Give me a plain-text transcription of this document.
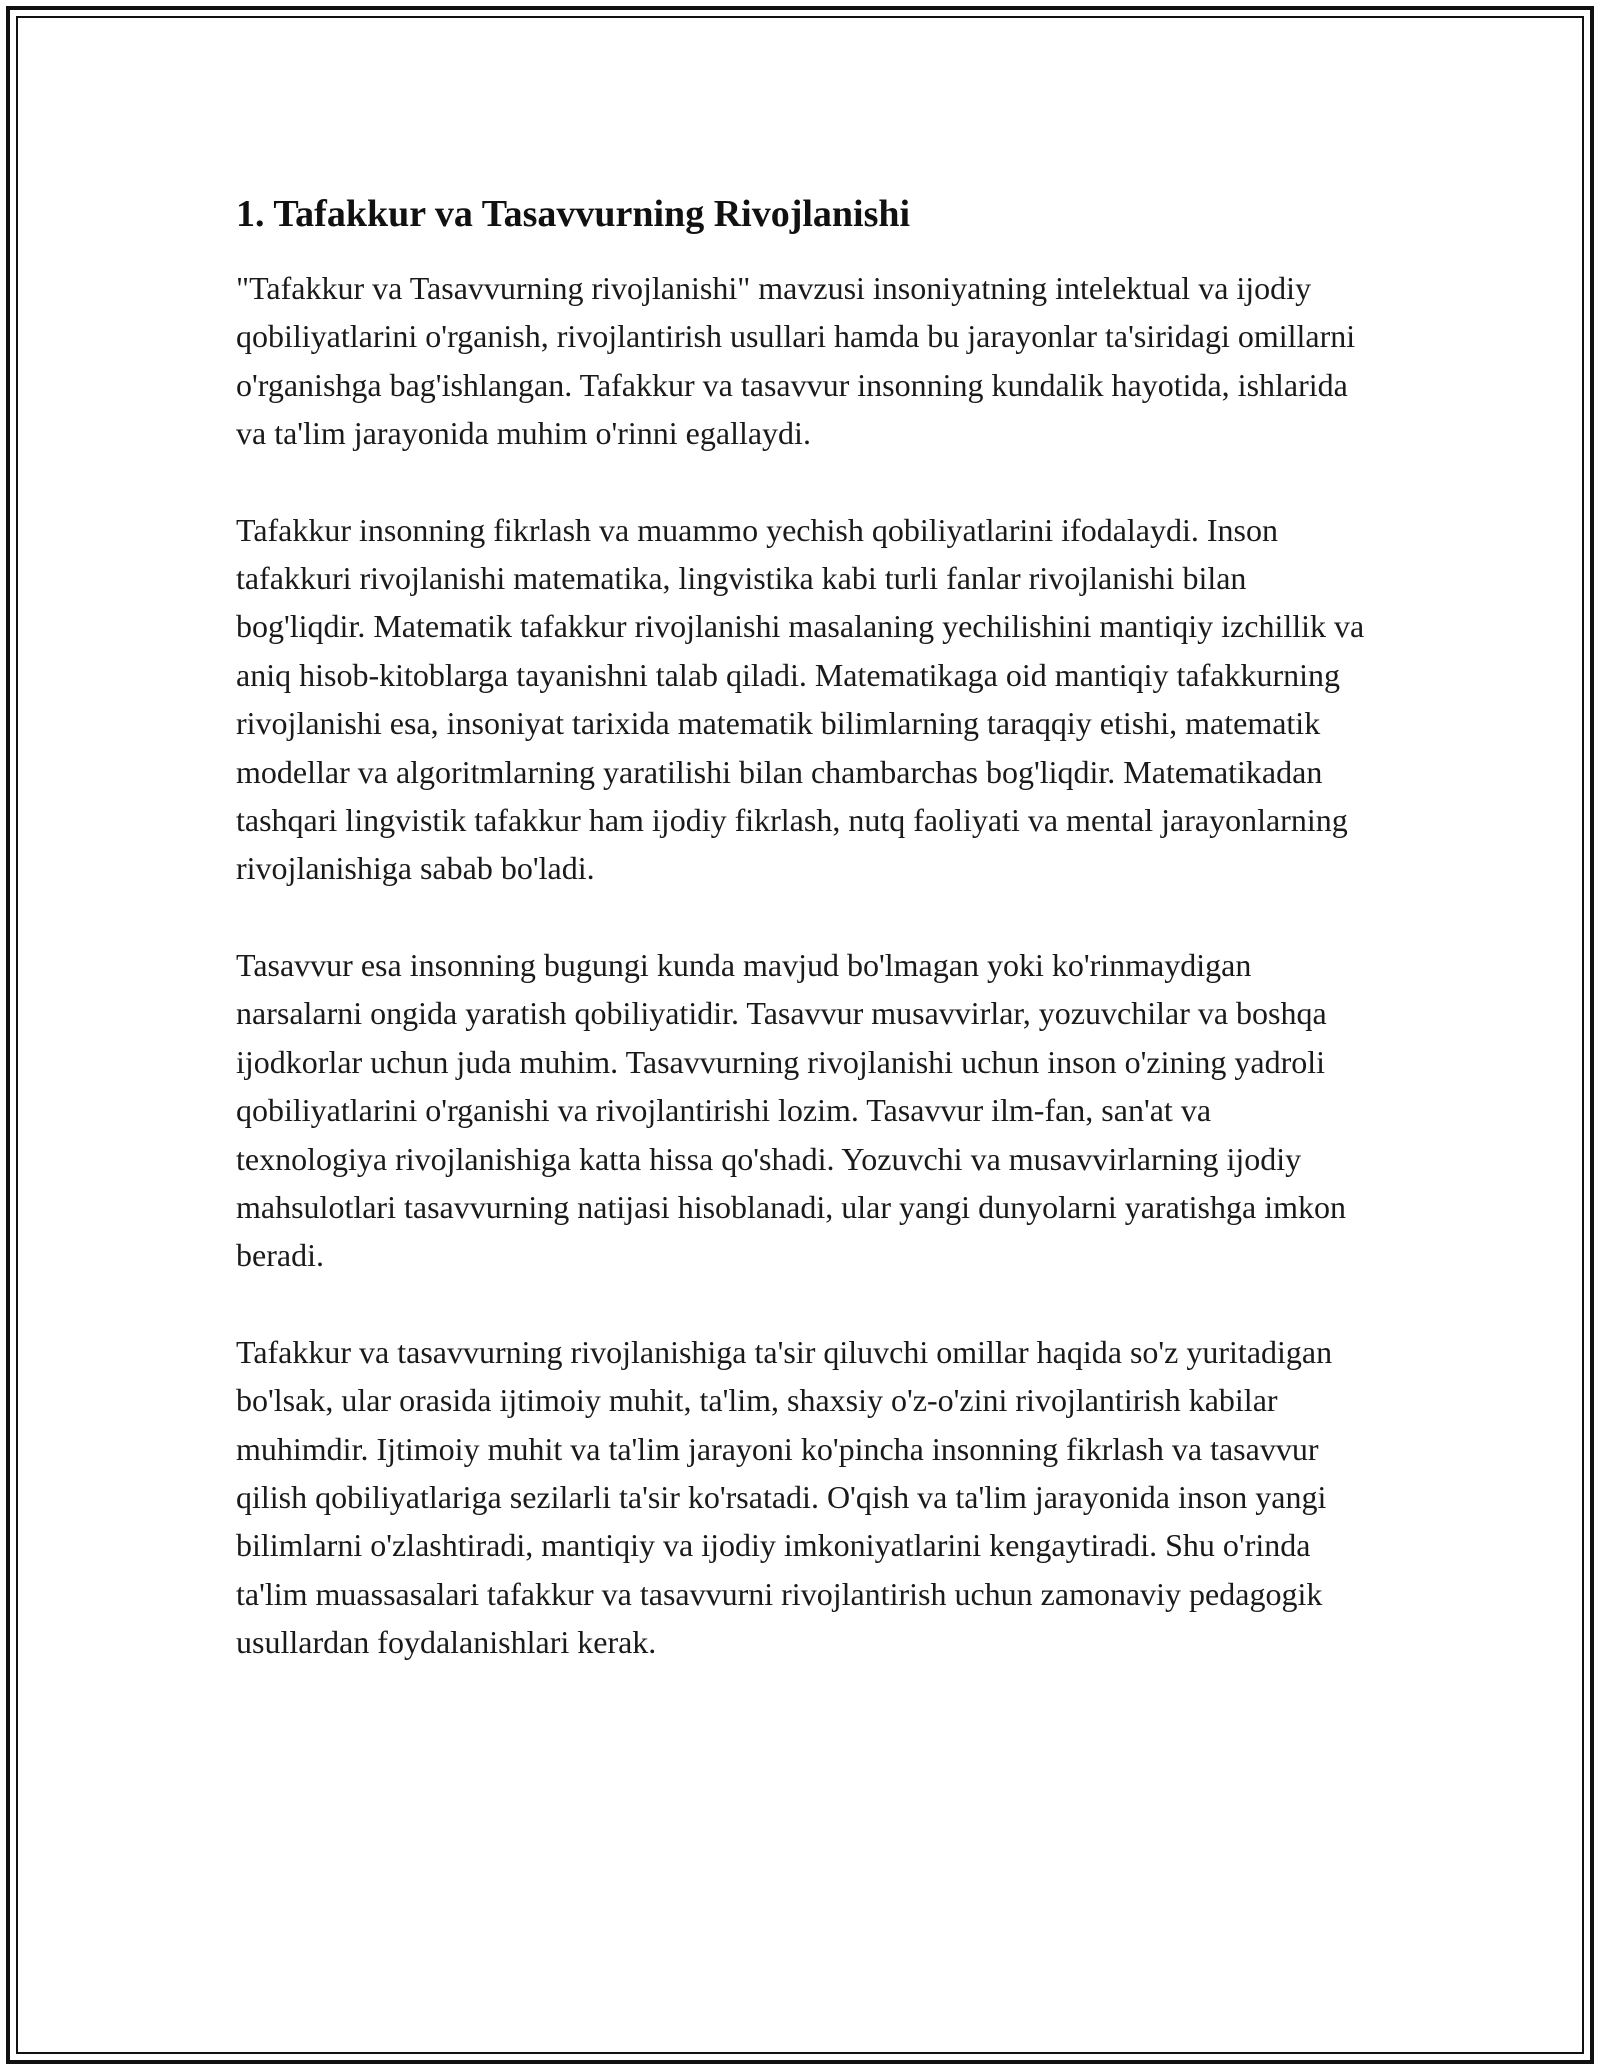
1. Tafakkur va Tasavvurning Rivojlanishi

"Tafakkur va Tasavvurning rivojlanishi" mavzusi insoniyatning intelektual va ijodiy qobiliyatlarini o'rganish, rivojlantirish usullari hamda bu jarayonlar ta'siridagi omillarni o'rganishga bag'ishlangan. Tafakkur va tasavvur insonning kundalik hayotida, ishlarida va ta'lim jarayonida muhim o'rinni egallaydi.

Tafakkur insonning fikrlash va muammo yechish qobiliyatlarini ifodalaydi. Inson tafakkuri rivojlanishi matematika, lingvistika kabi turli fanlar rivojlanishi bilan bog'liqdir. Matematik tafakkur rivojlanishi masalaning yechilishini mantiqiy izchillik va aniq hisob-kitoblarga tayanishni talab qiladi. Matematikaga oid mantiqiy tafakkurning rivojlanishi esa, insoniyat tarixida matematik bilimlarning taraqqiy etishi, matematik modellar va algoritmlarning yaratilishi bilan chambarchas bog'liqdir. Matematikadan tashqari lingvistik tafakkur ham ijodiy fikrlash, nutq faoliyati va mental jarayonlarning rivojlanishiga sabab bo'ladi.

Tasavvur esa insonning bugungi kunda mavjud bo'lmagan yoki ko'rinmaydigan narsalarni ongida yaratish qobiliyatidir. Tasavvur musavvirlar, yozuvchilar va boshqa ijodkorlar uchun juda muhim. Tasavvurning rivojlanishi uchun inson o'zining yadroli qobiliyatlarini o'rganishi va rivojlantirishi lozim. Tasavvur ilm-fan, san'at va texnologiya rivojlanishiga katta hissa qo'shadi. Yozuvchi va musavvirlarning ijodiy mahsulotlari tasavvurning natijasi hisoblanadi, ular yangi dunyolarni yaratishga imkon beradi.

Tafakkur va tasavvurning rivojlanishiga ta'sir qiluvchi omillar haqida so'z yuritadigan bo'lsak, ular orasida ijtimoiy muhit, ta'lim, shaxsiy o'z-o'zini rivojlantirish kabilar muhimdir. Ijtimoiy muhit va ta'lim jarayoni ko'pincha insonning fikrlash va tasavvur qilish qobiliyatlariga sezilarli ta'sir ko'rsatadi. O'qish va ta'lim jarayonida inson yangi bilimlarni o'zlashtiradi, mantiqiy va ijodiy imkoniyatlarini kengaytiradi. Shu o'rinda ta'lim muassasalari tafakkur va tasavvurni rivojlantirish uchun zamonaviy pedagogik usullardan foydalanishlari kerak.
